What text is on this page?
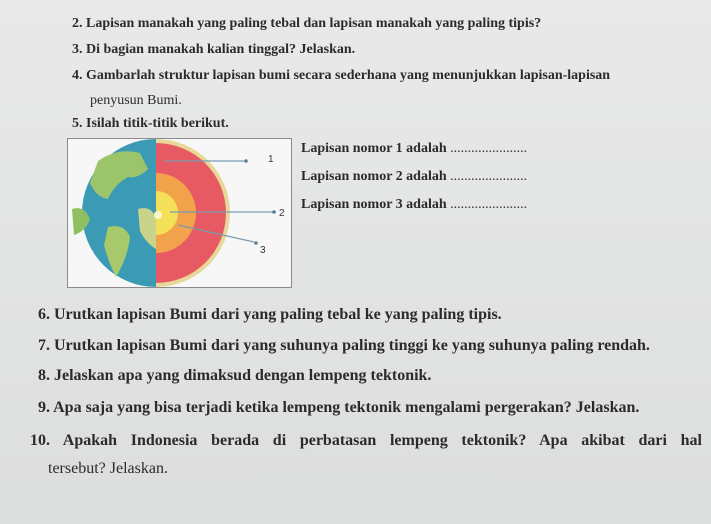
2. Lapisan manakah yang paling tebal dan lapisan manakah yang paling tipis?
3. Di bagian manakah kalian tinggal? Jelaskan.
4. Gambarlah struktur lapisan bumi secara sederhana yang menunjukkan lapisan-lapisan
penyusun Bumi.
5. Isilah titik-titik berikut.
1
2
3
Lapisan nomor 1 adalah ......................
Lapisan nomor 2 adalah ......................
Lapisan nomor 3 adalah ......................
6. Urutkan lapisan Bumi dari yang paling tebal ke yang paling tipis.
7. Urutkan lapisan Bumi dari yang suhunya paling tinggi ke yang suhunya paling rendah.
8. Jelaskan apa yang dimaksud dengan lempeng tektonik.
9. Apa saja yang bisa terjadi ketika lempeng tektonik mengalami pergerakan? Jelaskan.
10. Apakah Indonesia berada di perbatasan lempeng tektonik? Apa akibat dari hal
tersebut? Jelaskan.
